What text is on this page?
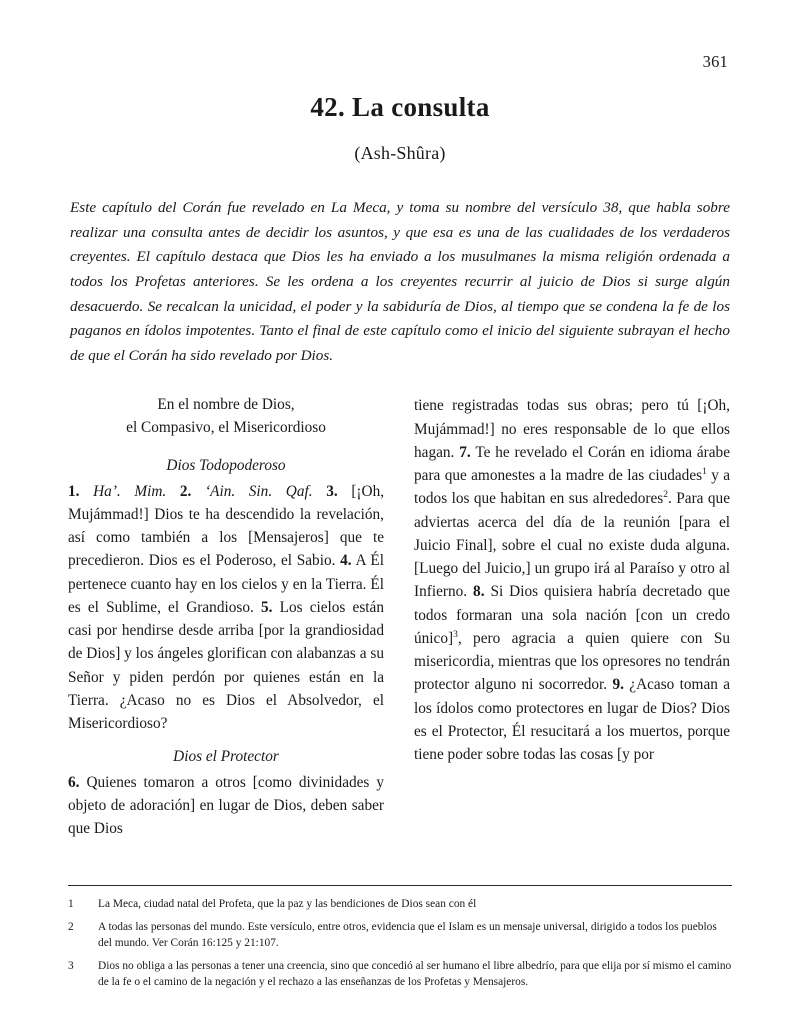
361
42. La consulta
(Ash-Shûra)
Este capítulo del Corán fue revelado en La Meca, y toma su nombre del versículo 38, que habla sobre realizar una consulta antes de decidir los asuntos, y que esa es una de las cualidades de los verdaderos creyentes. El capítulo destaca que Dios les ha enviado a los musulmanes la misma religión ordenada a todos los Profetas anteriores. Se les ordena a los creyentes recurrir al juicio de Dios si surge algún desacuerdo. Se recalcan la unicidad, el poder y la sabiduría de Dios, al tiempo que se condena la fe de los paganos en ídolos impotentes. Tanto el final de este capítulo como el inicio del siguiente subrayan el hecho de que el Corán ha sido revelado por Dios.
En el nombre de Dios,
el Compasivo, el Misericordioso
Dios Todopoderoso

1. Ha’. Mim. 2. ‘Ain. Sin. Qaf. 3. [¡Oh, Mujámmad!] Dios te ha descendido la revelación, así como también a los [Mensajeros] que te precedieron. Dios es el Poderoso, el Sabio. 4. A Él pertenece cuanto hay en los cielos y en la Tierra. Él es el Sublime, el Grandioso. 5. Los cielos están casi por hendirse desde arriba [por la grandiosidad de Dios] y los ángeles glorifican con alabanzas a su Señor y piden perdón por quienes están en la Tierra. ¿Acaso no es Dios el Absolvedor, el Misericordioso?

Dios el Protector

6. Quienes tomaron a otros [como divinidades y objeto de adoración] en lugar de Dios, deben saber que Dios

tiene registradas todas sus obras; pero tú [¡Oh, Mujámmad!] no eres responsable de lo que ellos hagan. 7. Te he revelado el Corán en idioma árabe para que amonestes a la madre de las ciudades$^1$ y a todos los que habitan en sus alrededores$^2$. Para que adviertas acerca del día de la reunión [para el Juicio Final], sobre el cual no existe duda alguna. [Luego del Juicio,] un grupo irá al Paraíso y otro al Infierno. 8. Si Dios quisiera habría decretado que todos formaran una sola nación [con un credo único]$^3$, pero agracia a quien quiere con Su misericordia, mientras que los opresores no tendrán protector alguno ni socorredor. 9. ¿Acaso toman a los ídolos como protectores en lugar de Dios? Dios es el Protector, Él resucitará a los muertos, porque tiene poder sobre todas las cosas [y por

1	La Meca, ciudad natal del Profeta, que la paz y las bendiciones de Dios sean con él
2	A todas las personas del mundo. Este versículo, entre otros, evidencia que el Islam es un mensaje universal, dirigido a todos los pueblos del mundo. Ver Corán 16:125 y 21:107.
3	Dios no obliga a las personas a tener una creencia, sino que concedió al ser humano el libre albedrío, para que elija por sí mismo el camino de la fe o el camino de la negación y el rechazo a las enseñanzas de los Profetas y Mensajeros.
